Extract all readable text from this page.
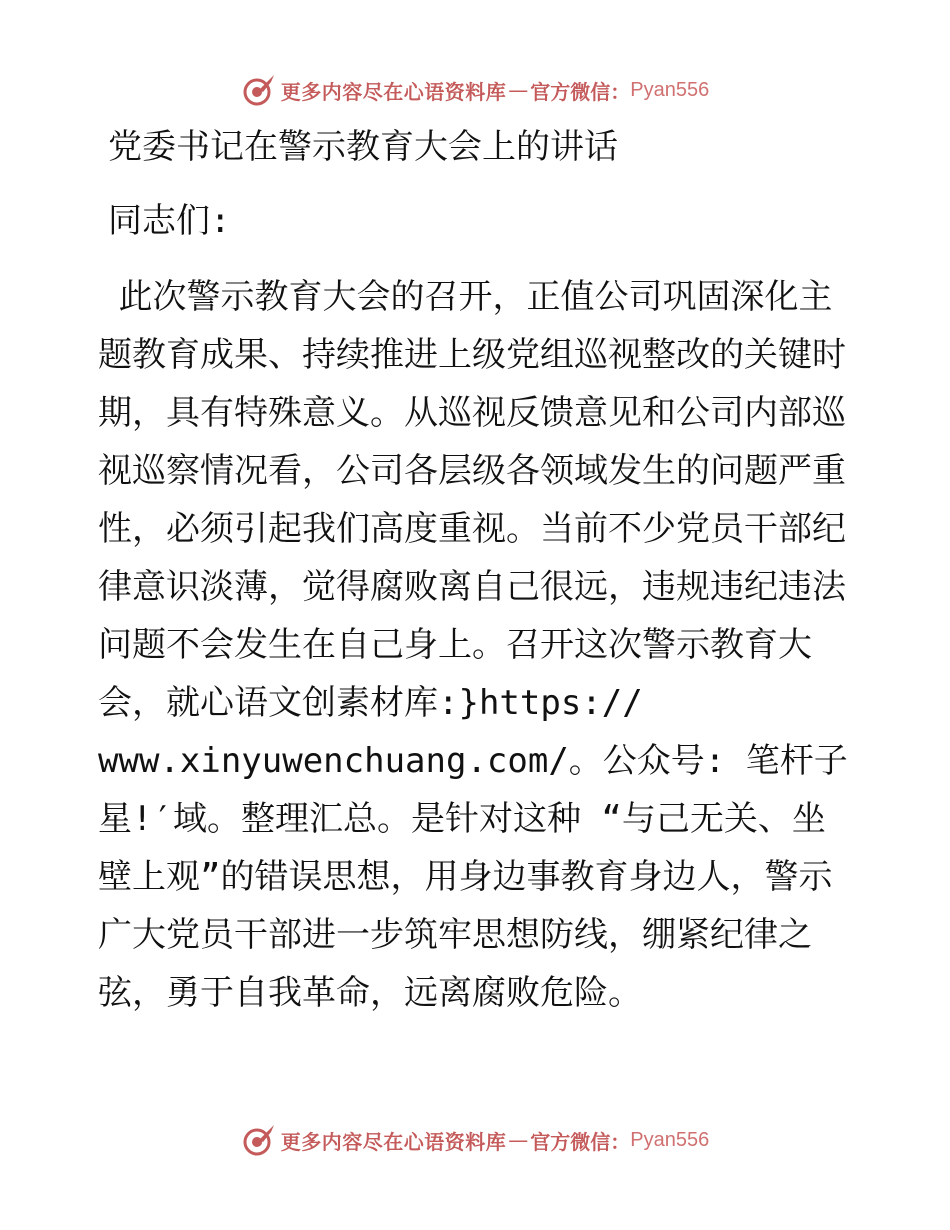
更多内容尽在心语资料库 — 官方微信： Pyan556
党委书记在警示教育大会上的讲话

同志们:

此次警示教育大会的召开，正值公司巩固深化主
题教育成果、持续推进上级党组巡视整改的关键时
期，具有特殊意义。从巡视反馈意见和公司内部巡
视巡察情况看，公司各层级各领域发生的问题严重
性，必须引起我们高度重视。当前不少党员干部纪
律意识淡薄，觉得腐败离自己很远，违规违纪违法
问题不会发生在自己身上。召开这次警示教育大
会，就心语文创素材库:}https://
www.xinyuwenchuang.com/。公众号: 笔杆子
星!′域。整理汇总。是针对这种 “与己无关、坐
壁上观”的错误思想，用身边事教育身边人，警示
广大党员干部进一步筑牢思想防线，绷紧纪律之
弦，勇于自我革命，远离腐败危险。
更多内容尽在心语资料库 — 官方微信： Pyan556
